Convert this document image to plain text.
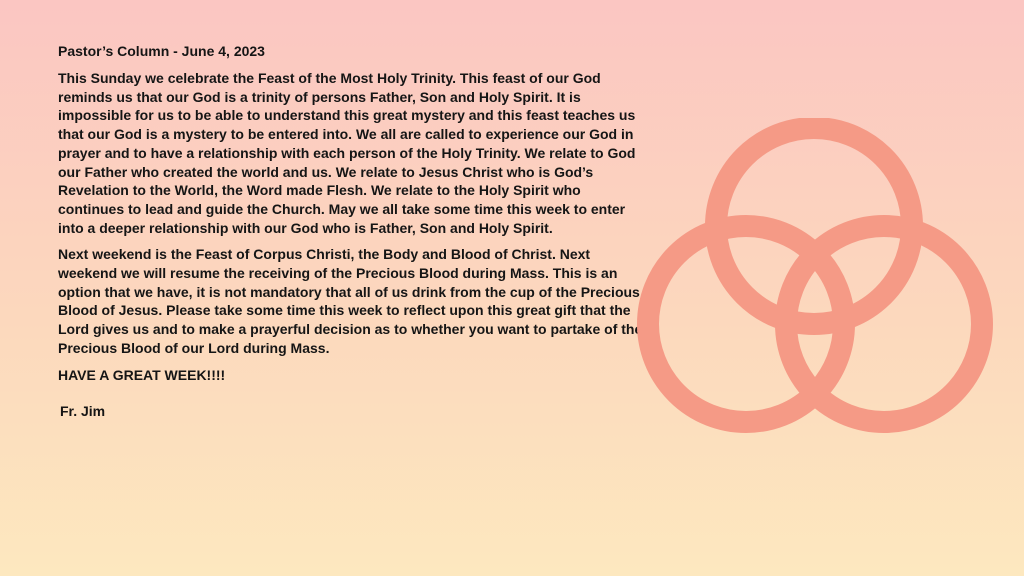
Pastor’s Column - June 4, 2023

This Sunday we celebrate the Feast of the Most Holy Trinity. This feast of our God reminds us that our God is a trinity of persons Father, Son and Holy Spirit. It is impossible for us to be able to understand this great mystery and this feast teaches us that our God is a mystery to be entered into. We all are called to experience our God in prayer and to have a relationship with each person of the Holy Trinity. We relate to God our Father who created the world and us. We relate to Jesus Christ who is God’s Revelation to the World, the Word made Flesh. We relate to the Holy Spirit who continues to lead and guide the Church. May we all take some time this week to enter into a deeper relationship with our God who is Father, Son and Holy Spirit.

Next weekend is the Feast of Corpus Christi, the Body and Blood of Christ. Next weekend we will resume the receiving of the Precious Blood during Mass. This is an option that we have, it is not mandatory that all of us drink from the cup of the Precious Blood of Jesus. Please take some time this week to reflect upon this great gift that the Lord gives us and to make a prayerful decision as to whether you want to partake of the Precious Blood of our Lord during Mass.

HAVE A GREAT WEEK!!!!
Fr. Jim
